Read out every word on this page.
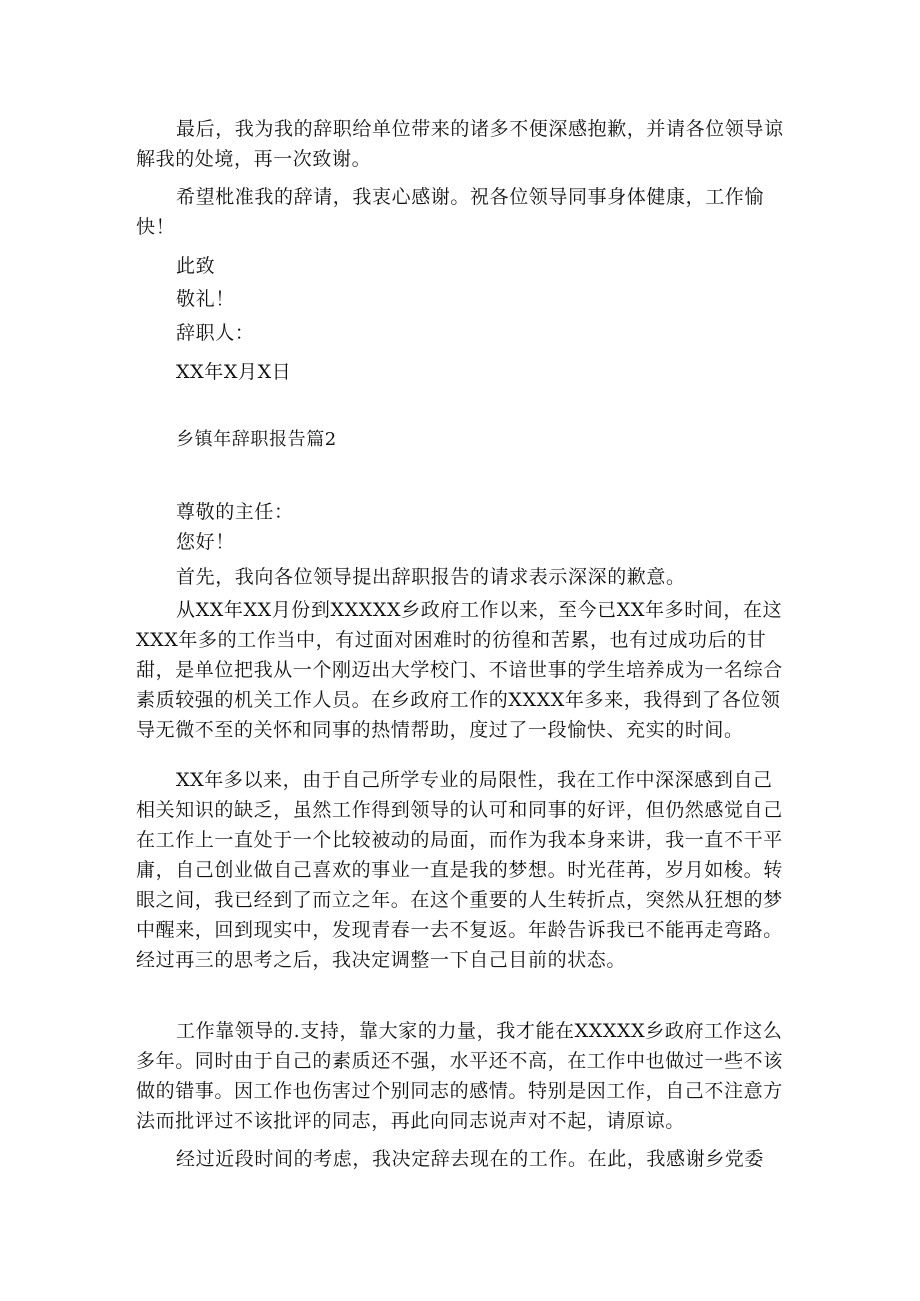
最后，我为我的辞职给单位带来的诸多不便深感抱歉，并请各位领导谅解我的处境，再一次致谢。

希望枇准我的辞请，我衷心感谢。祝各位领导同事身体健康，工作愉快！

此致

敬礼！

辞职人：

XX年X月X日

乡镇年辞职报告篇2

尊敬的主任：

您好！

首先，我向各位领导提出辞职报告的请求表示深深的歉意。

从XX年XX月份到XXXXX乡政府工作以来，至今已XX年多时间，在这XXX年多的工作当中，有过面对困难时的彷徨和苦累，也有过成功后的甘甜，是单位把我从一个刚迈出大学校门、不谙世事的学生培养成为一名综合素质较强的机关工作人员。在乡政府工作的XXXX年多来，我得到了各位领导无微不至的关怀和同事的热情帮助，度过了一段愉快、充实的时间。

XX年多以来，由于自己所学专业的局限性，我在工作中深深感到自己相关知识的缺乏，虽然工作得到领导的认可和同事的好评，但仍然感觉自己在工作上一直处于一个比较被动的局面，而作为我本身来讲，我一直不干平庸，自己创业做自己喜欢的事业一直是我的梦想。时光荏苒，岁月如梭。转眼之间，我已经到了而立之年。在这个重要的人生转折点，突然从狂想的梦中醒来，回到现实中，发现青春一去不复返。年龄告诉我已不能再走弯路。经过再三的思考之后，我决定调整一下自己目前的状态。

工作靠领导的.支持，靠大家的力量，我才能在XXXXX乡政府工作这么多年。同时由于自己的素质还不强，水平还不高，在工作中也做过一些不该做的错事。因工作也伤害过个别同志的感情。特别是因工作，自己不注意方法而批评过不该批评的同志，再此向同志说声对不起，请原谅。

经过近段时间的考虑，我决定辞去现在的工作。在此，我感谢乡党委
